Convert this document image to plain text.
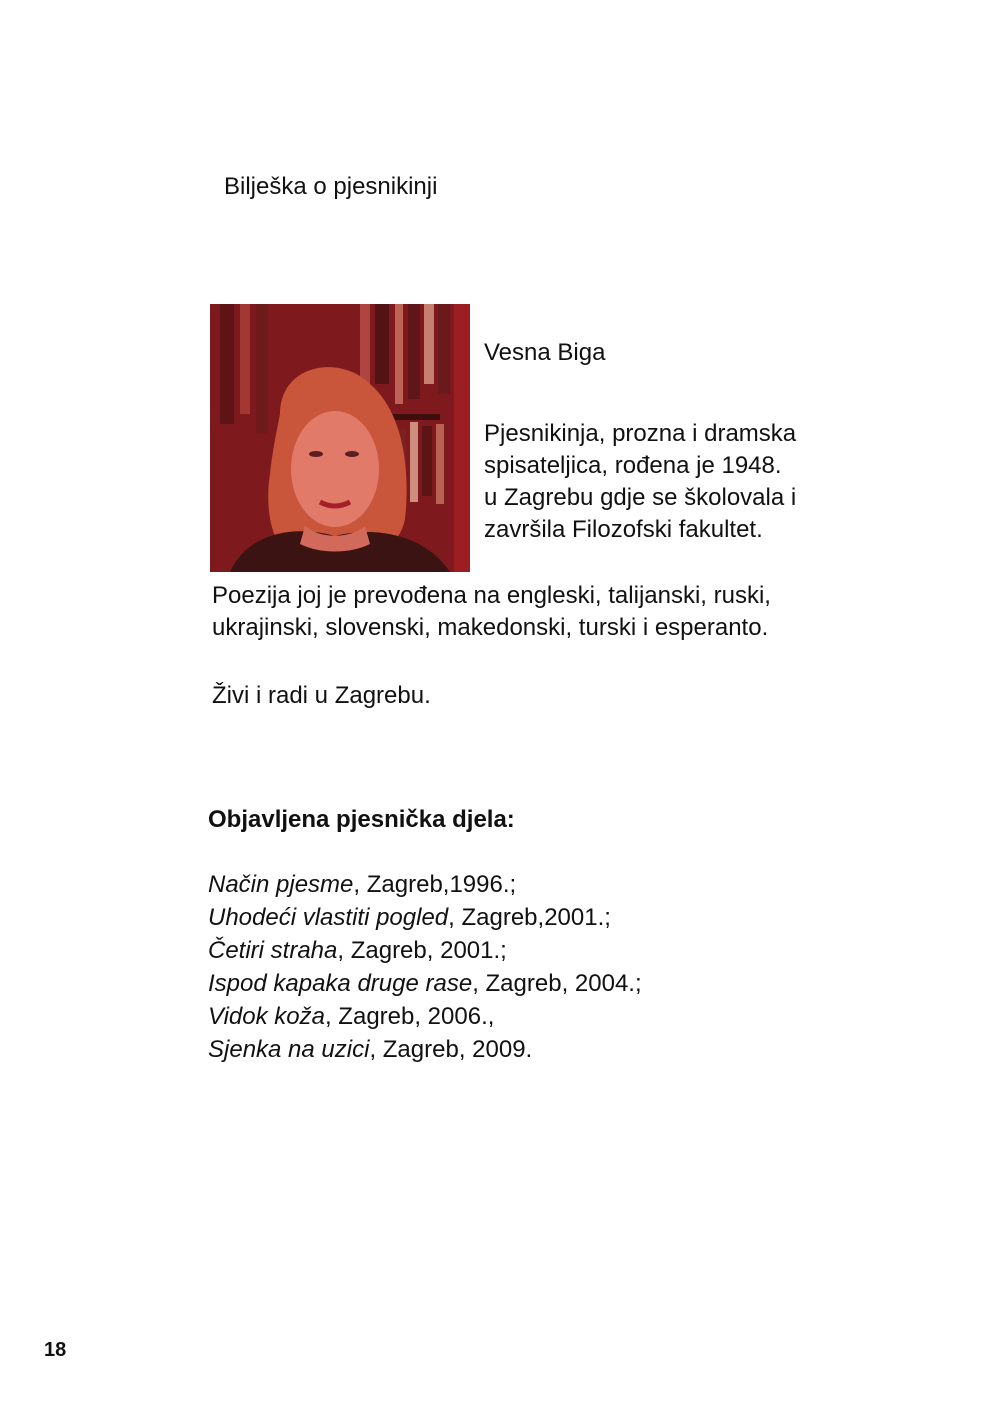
Bilješka o pjesnikinji
Vesna Biga
Pjesnikinja, prozna i dramska
spisateljica, rođena je 1948.
u Zagrebu gdje se školovala i
završila Filozofski fakultet.
Poezija joj je prevođena na engleski, talijanski, ruski,
ukrajinski, slovenski, makedonski, turski i esperanto.
Živi i radi u Zagrebu.
Objavljena pjesnička djela:
Način pjesme, Zagreb,1996.;
Uhodeći vlastiti pogled, Zagreb,2001.;
Četiri straha, Zagreb, 2001.;
Ispod kapaka druge rase, Zagreb, 2004.;
Vidok koža, Zagreb, 2006.,
Sjenka na uzici, Zagreb, 2009.
18
